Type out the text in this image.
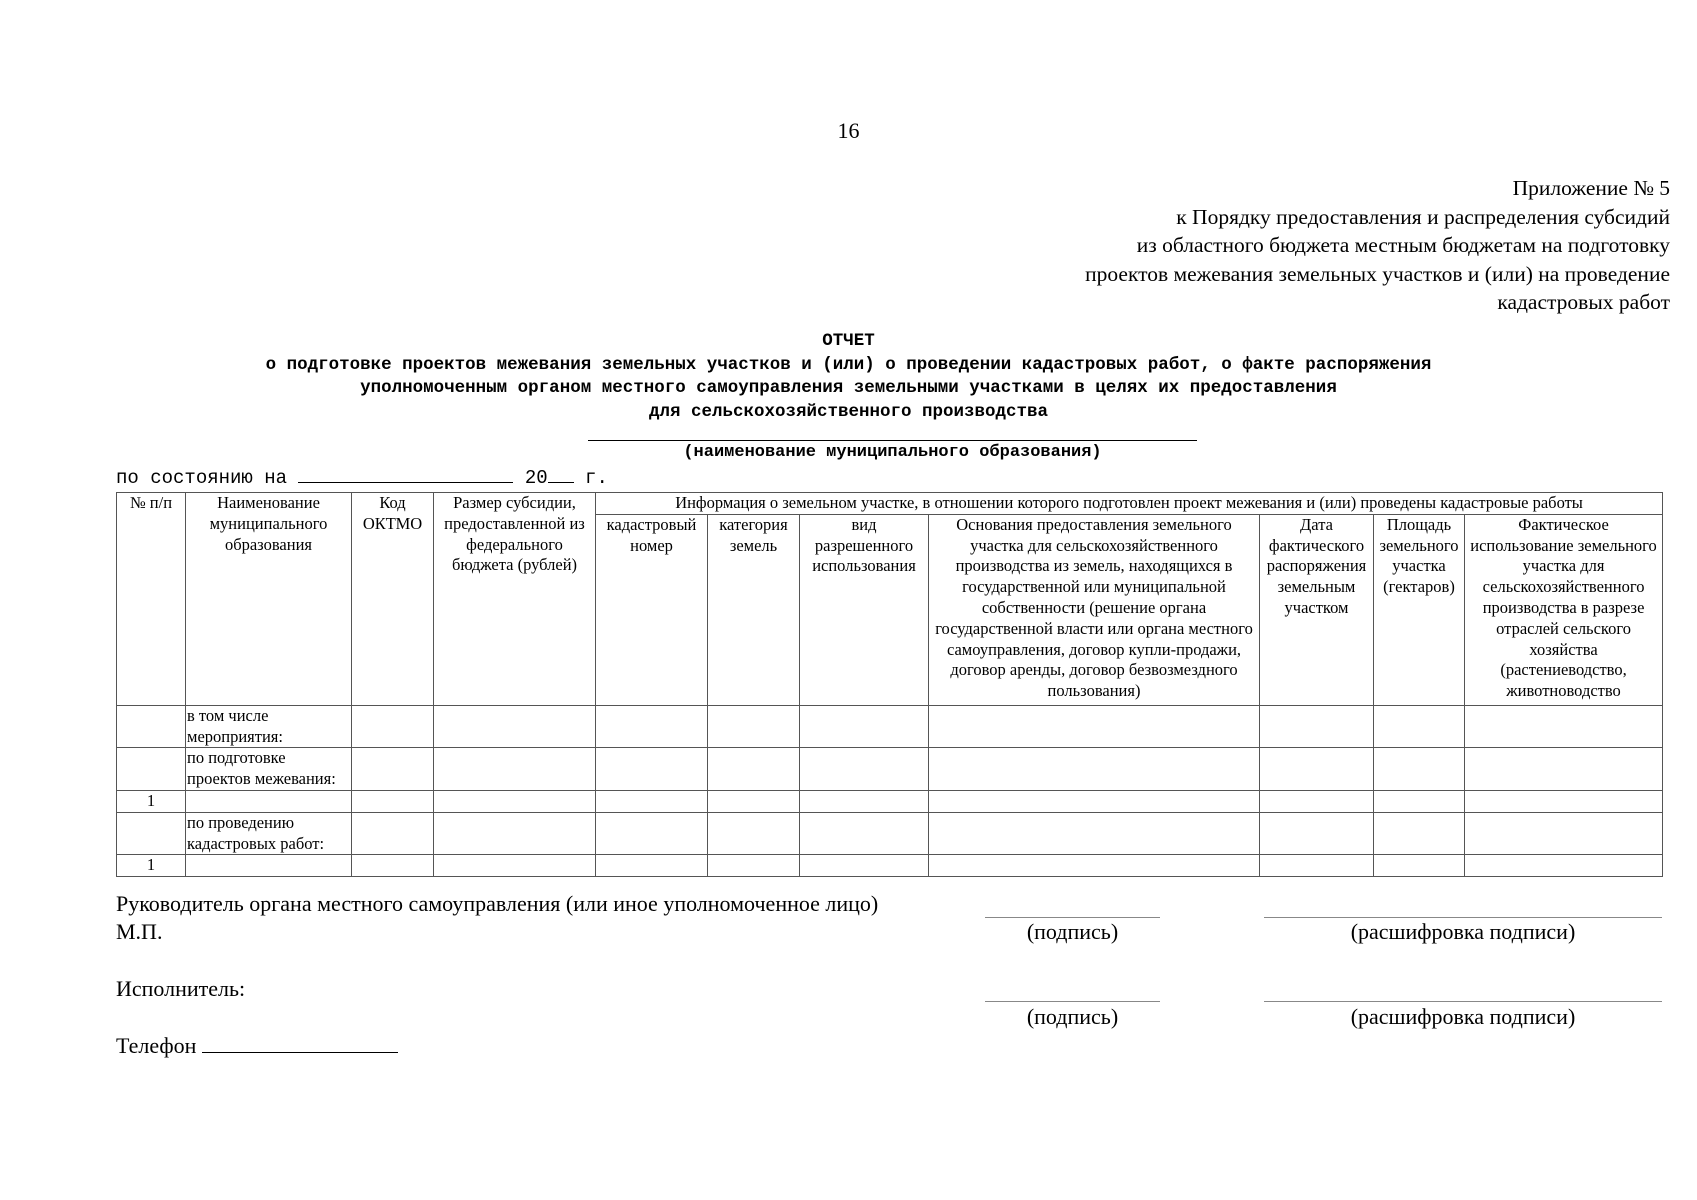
16
Приложение № 5
к Порядку предоставления и распределения субсидий
из областного бюджета местным бюджетам на подготовку
проектов межевания земельных участков и (или) на проведение
кадастровых работ
ОТЧЕТ
о подготовке проектов межевания земельных участков и (или) о проведении кадастровых работ, о факте распоряжения
уполномоченным органом местного самоуправления земельными участками в целях их предоставления
для сельскохозяйственного производства
(наименование муниципального образования)
по состоянию на	20 г.
№ п/п	Наименование муниципального образования	Код ОКТМО	Размер субсидии, предоставленной из федерального бюджета (рублей)	Информация о земельном участке, в отношении которого подготовлен проект межевания и (или) проведены кадастровые работы						
				кадастровый номер	категория земель	вид разрешенного использования	Основания предоставления земельного участка для сельскохозяйственного производства из земель, находящихся в государственной или муниципальной собственности (решение органа государственной власти или органа местного самоуправления, договор купли-продажи, договор аренды, договор безвозмездного пользования)	Дата фактического распоряжения земельным участком	Площадь земельного участка (гектаров)	Фактическое использование земельного участка для сельскохозяйственного производства в разрезе отраслей сельского хозяйства (растениеводство, животноводство
	в том числе мероприятия:									
	по подготовке проектов межевания:									
1										
	по проведению кадастровых работ:									
1										
Руководитель органа местного самоуправления (или иное уполномоченное лицо)
М.П.	(подпись)	(расшифровка подписи)
Исполнитель:
(подпись)	(расшифровка подписи)
Телефон
